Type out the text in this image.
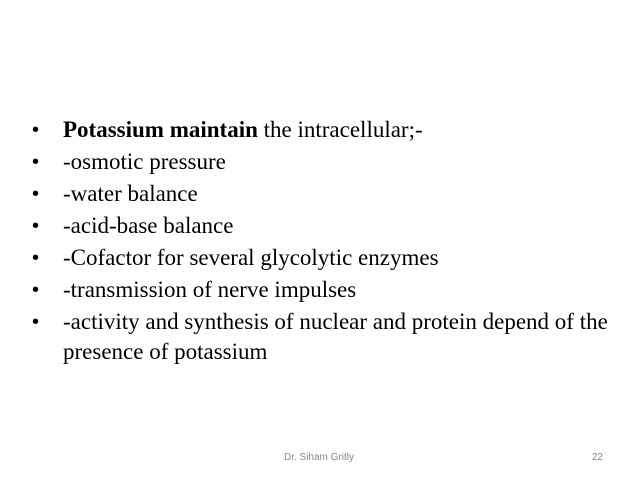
•	Potassium maintain the intracellular;-
•	-osmotic pressure
•	-water balance
•	-acid-base balance
•	-Cofactor for several glycolytic enzymes
•	-transmission of nerve impulses
•	-activity and synthesis of nuclear and protein depend of the presence of potassium
Dr. Siham Gritly	22
